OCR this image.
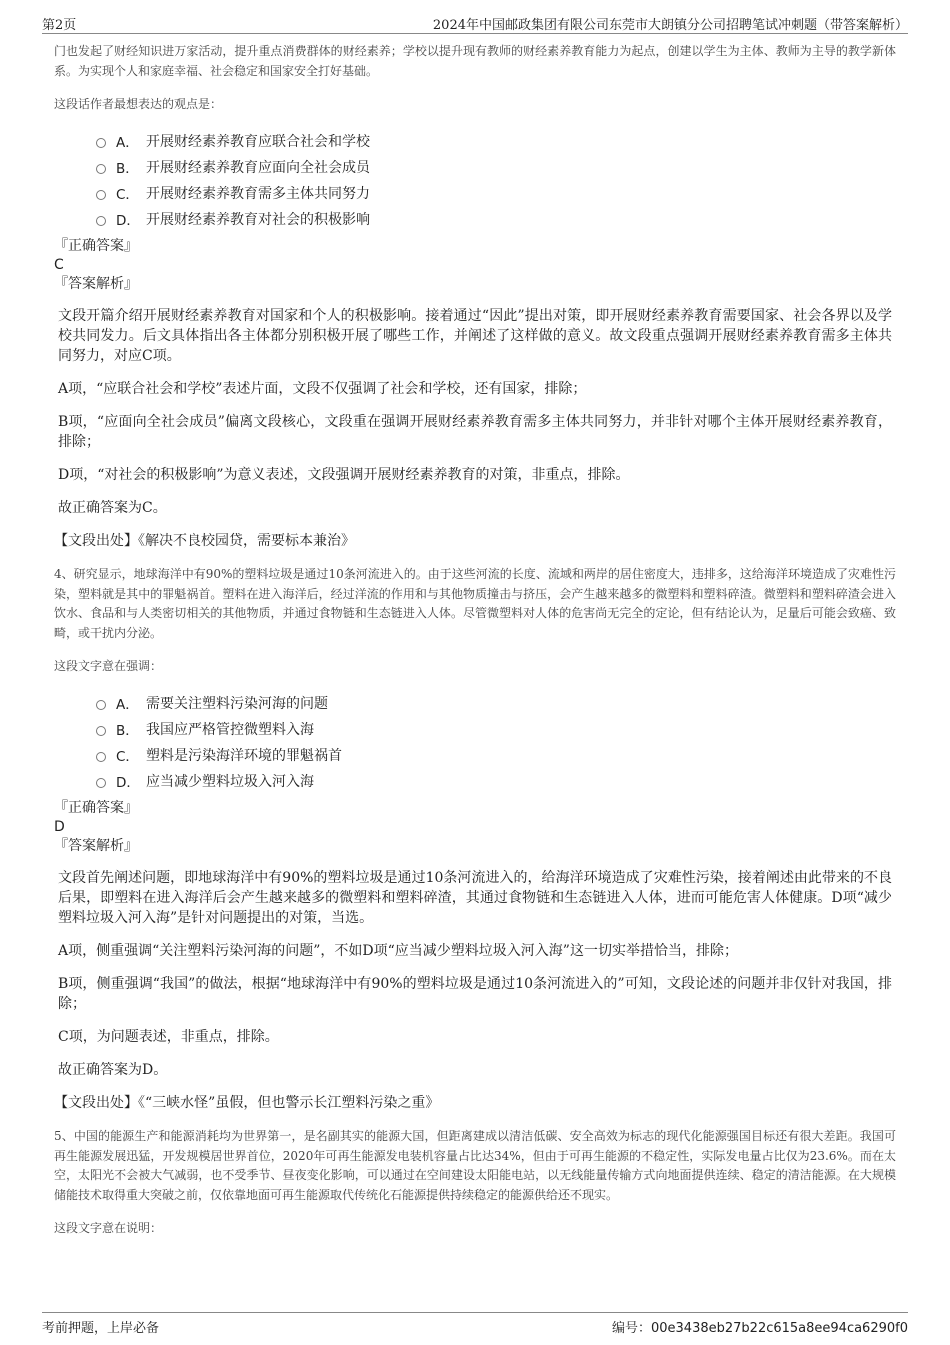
第2页	2024年中国邮政集团有限公司东莞市大朗镇分公司招聘笔试冲刺题（带答案解析）

门也发起了财经知识进万家活动，提升重点消费群体的财经素养；学校以提升现有教师的财经素养教育能力为起点，创建以学生为主体、教师为主导的教学新体系。为实现个人和家庭幸福、社会稳定和国家安全打好基础。

这段话作者最想表达的观点是：

A． 开展财经素养教育应联合社会和学校
B． 开展财经素养教育应面向全社会成员
C． 开展财经素养教育需多主体共同努力
D． 开展财经素养教育对社会的积极影响
『正确答案』
C
『答案解析』

文段开篇介绍开展财经素养教育对国家和个人的积极影响。接着通过“因此”提出对策，即开展财经素养教育需要国家、社会各界以及学校共同发力。后文具体指出各主体都分别积极开展了哪些工作，并阐述了这样做的意义。故文段重点强调开展财经素养教育需多主体共同努力，对应C项。

A项，“应联合社会和学校”表述片面，文段不仅强调了社会和学校，还有国家，排除；

B项，“应面向全社会成员”偏离文段核心，文段重在强调开展财经素养教育需多主体共同努力，并非针对哪个主体开展财经素养教育，排除；

D项，“对社会的积极影响”为意义表述，文段强调开展财经素养教育的对策，非重点，排除。

故正确答案为C。

【文段出处】《解决不良校园贷，需要标本兼治》

4、研究显示，地球海洋中有90%的塑料垃圾是通过10条河流进入的。由于这些河流的长度、流域和两岸的居住密度大，违排多，这给海洋环境造成了灾难性污染，塑料就是其中的罪魁祸首。塑料在进入海洋后，经过洋流的作用和与其他物质撞击与挤压，会产生越来越多的微塑料和塑料碎渣。微塑料和塑料碎渣会进入饮水、食品和与人类密切相关的其他物质，并通过食物链和生态链进入人体。尽管微塑料对人体的危害尚无完全的定论，但有结论认为，足量后可能会致癌、致畸，或干扰内分泌。

这段文字意在强调：

A． 需要关注塑料污染河海的问题
B． 我国应严格管控微塑料入海
C． 塑料是污染海洋环境的罪魁祸首
D． 应当减少塑料垃圾入河入海
『正确答案』
D
『答案解析』

文段首先阐述问题，即地球海洋中有90%的塑料垃圾是通过10条河流进入的，给海洋环境造成了灾难性污染，接着阐述由此带来的不良后果，即塑料在进入海洋后会产生越来越多的微塑料和塑料碎渣，其通过食物链和生态链进入人体，进而可能危害人体健康。D项“减少塑料垃圾入河入海”是针对问题提出的对策，当选。

A项，侧重强调“关注塑料污染河海的问题”，不如D项“应当减少塑料垃圾入河入海”这一切实举措恰当，排除；

B项，侧重强调“我国”的做法，根据“地球海洋中有90%的塑料垃圾是通过10条河流进入的”可知，文段论述的问题并非仅针对我国，排除；

C项，为问题表述，非重点，排除。

故正确答案为D。

【文段出处】《“三峡水怪”虽假，但也警示长江塑料污染之重》

5、中国的能源生产和能源消耗均为世界第一，是名副其实的能源大国，但距离建成以清洁低碳、安全高效为标志的现代化能源强国目标还有很大差距。我国可再生能源发展迅猛，开发规模居世界首位，2020年可再生能源发电装机容量占比达34%，但由于可再生能源的不稳定性，实际发电量占比仅为23.6%。而在太空，太阳光不会被大气减弱，也不受季节、昼夜变化影响，可以通过在空间建设太阳能电站，以无线能量传输方式向地面提供连续、稳定的清洁能源。在大规模储能技术取得重大突破之前，仅依靠地面可再生能源取代传统化石能源提供持续稳定的能源供给还不现实。

这段文字意在说明：

考前押题，上岸必备	编号：00e3438eb27b22c615a8ee94ca6290f0
